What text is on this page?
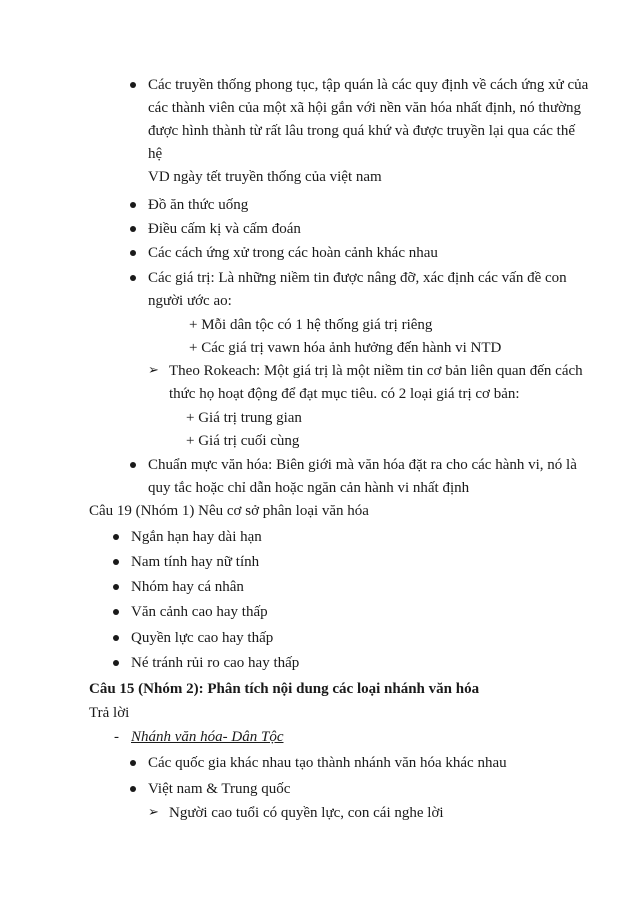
Các truyền thống phong tục, tập quán là các quy định về cách ứng xử của
các thành viên của một xã hội gắn với nền văn hóa nhất định, nó thường
được hình thành từ rất lâu trong quá khứ và được truyền lại qua các thế
hệ
VD ngày tết truyền thống của việt nam
Đồ ăn thức uống
Điều cấm kị và cấm đoán
Các cách ứng xử trong các hoàn cảnh khác nhau
Các giá trị: Là những niềm tin được nâng đỡ, xác định các vấn đề con
người ước ao:
+ Mỗi dân tộc có 1 hệ thống giá trị riêng
+ Các giá trị vawn hóa ảnh hưởng đến hành vi NTD
➢ Theo Rokeach: Một giá trị là một niềm tin cơ bản liên quan đến cách
thức họ hoạt động để đạt mục tiêu. có 2 loại giá trị cơ bản:
+ Giá trị trung gian
+ Giá trị cuối cùng
Chuẩn mực văn hóa: Biên giới mà văn hóa đặt ra cho các hành vi, nó là
quy tắc hoặc chỉ dẫn hoặc ngăn cản hành vi nhất định
Câu 19 (Nhóm 1) Nêu cơ sở phân loại văn hóa
Ngắn hạn hay dài hạn
Nam tính hay nữ tính
Nhóm hay cá nhân
Văn cảnh cao hay thấp
Quyền lực cao hay thấp
Né tránh rủi ro cao hay thấp
Câu 15 (Nhóm 2): Phân tích nội dung các loại nhánh văn hóa
Trả lời
- Nhánh văn hóa- Dân Tộc
Các quốc gia khác nhau tạo thành nhánh văn hóa khác nhau
Việt nam & Trung quốc
➢ Người cao tuổi có quyền lực, con cái nghe lời
